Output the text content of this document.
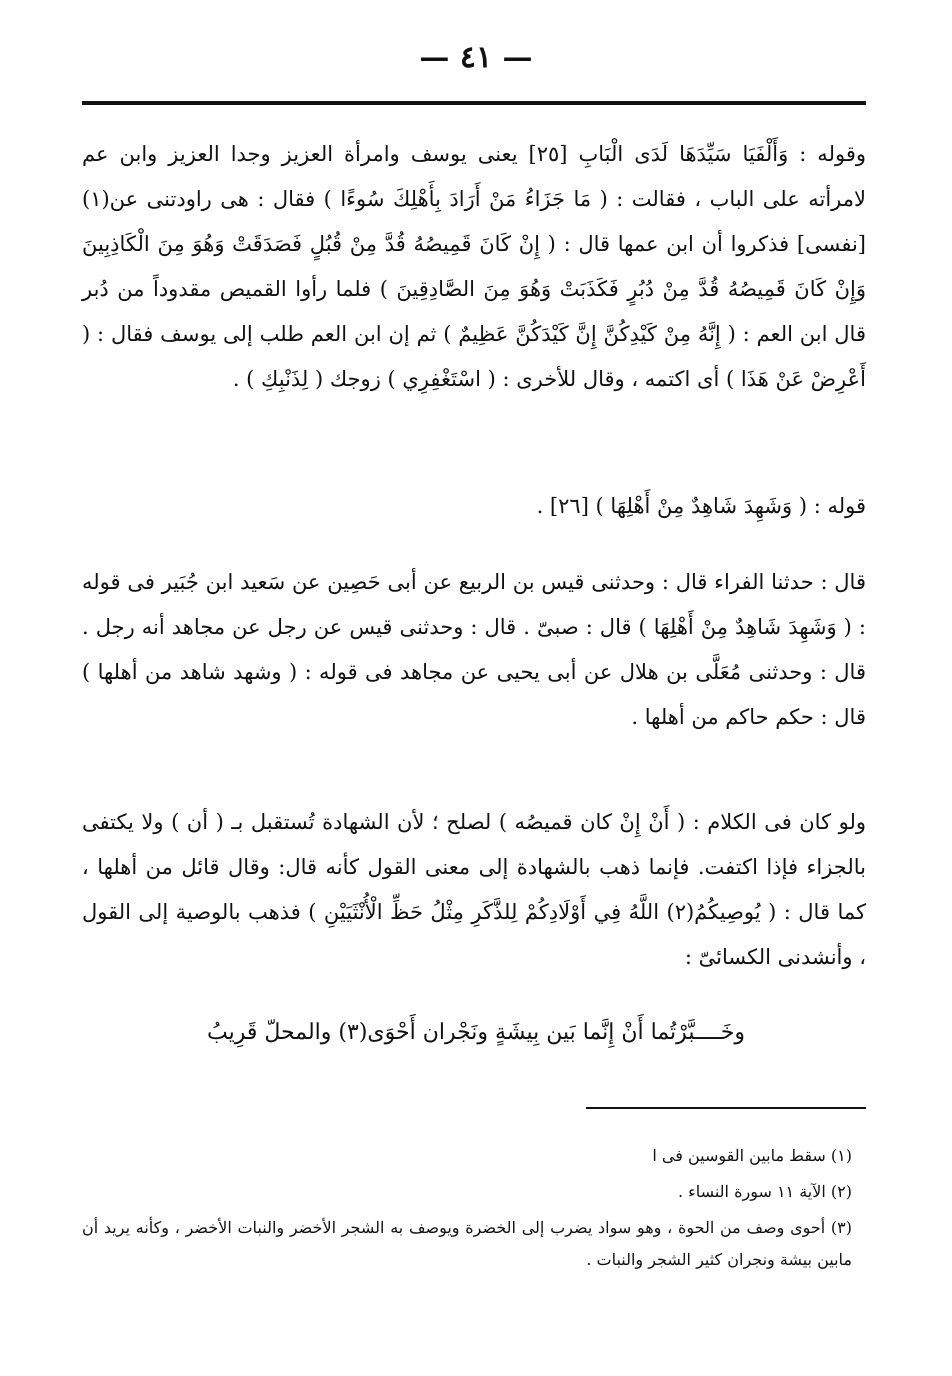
— ٤١ —

وقوله : وَأَلْفَيَا سَيِّدَهَا لَدَى الْبَابِ [٢٥] يعنى يوسف وامرأة العزيز وجدا العزيز وابن عم لامرأته على الباب ، فقالت : ( مَا جَزَاءُ مَنْ أَرَادَ بِأَهْلِكَ سُوءًا ) فقال : هى راودتنى عن(١) [نفسى] فذكروا أن ابن عمها قال : ( إِنْ كَانَ قَمِيصُهُ قُدَّ مِنْ قُبُلٍ فَصَدَقَتْ وَهُوَ مِنَ الْكَاذِبِينَ وَإِنْ كَانَ قَمِيصُهُ قُدَّ مِنْ دُبُرٍ فَكَذَبَتْ وَهُوَ مِنَ الصَّادِقِينَ ) فلما رأوا القميص مقدوداً من دُبر قال ابن العم : ( إِنَّهُ مِنْ كَيْدِكُنَّ إِنَّ كَيْدَكُنَّ عَظِيمٌ ) ثم إن ابن العم طلب إلى يوسف فقال : ( أَعْرِضْ عَنْ هَذَا ) أى اكتمه ، وقال للأخرى : ( اسْتَغْفِرِي ) زوجك ( لِذَنْبِكِ ) .

قوله : ( وَشَهِدَ شَاهِدٌ مِنْ أَهْلِهَا ) [٢٦] .

قال : حدثنا الفراء قال : وحدثنى قيس بن الربيع عن أبى حَصِين عن سَعيد ابن جُبَير فى قوله : ( وَشَهِدَ شَاهِدٌ مِنْ أَهْلِهَا ) قال : صبىّ . قال : وحدثنى قيس عن رجل عن مجاهد أنه رجل . قال : وحدثنى مُعَلَّى بن هلال عن أبى يحيى عن مجاهد فى قوله : ( وشهد شاهد من أهلها ) قال : حكم حاكم من أهلها .

ولو كان فى الكلام : ( أَنْ إِنْ كان قميصُه ) لصلح ؛ لأن الشهادة تُستقبل بـ ( أن ) ولا يكتفى بالجزاء فإذا اكتفت. فإنما ذهب بالشهادة إلى معنى القول كأنه قال: وقال قائل من أهلها ، كما قال : ( يُوصِيكُمُ(٢) اللَّهُ فِي أَوْلَادِكُمْ لِلذَّكَرِ مِثْلُ حَظِّ الْأُنْثَيَيْنِ ) فذهب بالوصية إلى القول ، وأنشدنى الكسائىّ :

وخَــــبَّرْتُما أَنْ إِنَّما بَين بِيشَةٍ ونَجْران أَحْوَى(٣) والمحلّ قَرِيبُ

(١) سقط مابين القوسين فى ا

(٢) الآية ١١ سورة النساء .

(٣) أحوى وصف من الحوة ، وهو سواد يضرب إلى الخضرة ويوصف به الشجر الأخضر والنبات الأخضر ، وكأنه يريد أن مابين بيشة ونجران كثير الشجر والنبات .
